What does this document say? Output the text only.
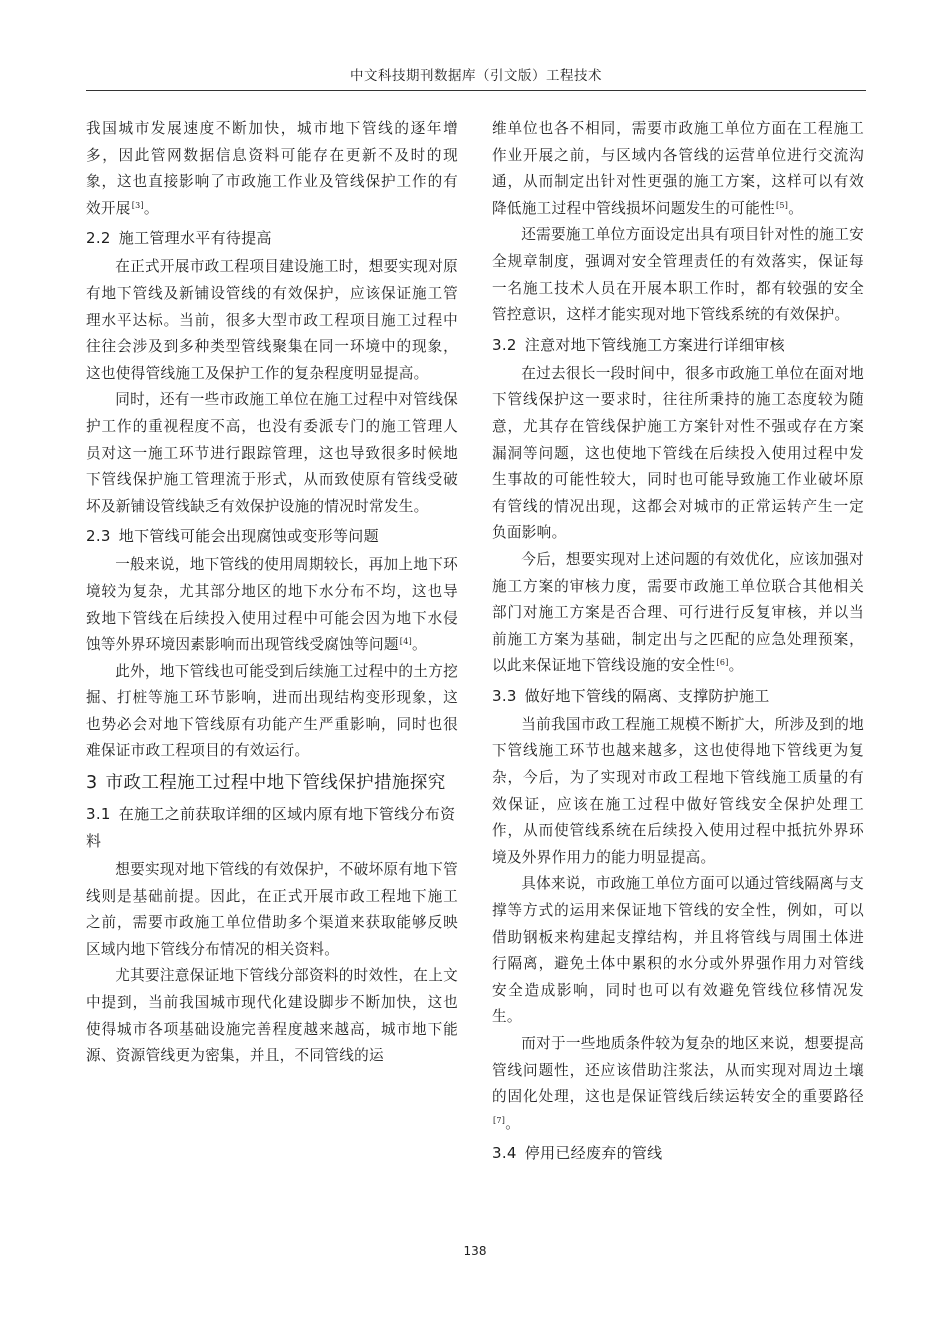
中文科技期刊数据库（引文版）工程技术

我国城市发展速度不断加快，城市地下管线的逐年增多，因此管网数据信息资料可能存在更新不及时的现象，这也直接影响了市政施工作业及管线保护工作的有效开展[3]。

2.2 施工管理水平有待提高

在正式开展市政工程项目建设施工时，想要实现对原有地下管线及新铺设管线的有效保护，应该保证施工管理水平达标。当前，很多大型市政工程项目施工过程中往往会涉及到多种类型管线聚集在同一环境中的现象，这也使得管线施工及保护工作的复杂程度明显提高。

同时，还有一些市政施工单位在施工过程中对管线保护工作的重视程度不高，也没有委派专门的施工管理人员对这一施工环节进行跟踪管理，这也导致很多时候地下管线保护施工管理流于形式，从而致使原有管线受破坏及新铺设管线缺乏有效保护设施的情况时常发生。

2.3 地下管线可能会出现腐蚀或变形等问题

一般来说，地下管线的使用周期较长，再加上地下环境较为复杂，尤其部分地区的地下水分布不均，这也导致地下管线在后续投入使用过程中可能会因为地下水侵蚀等外界环境因素影响而出现管线受腐蚀等问题[4]。

此外，地下管线也可能受到后续施工过程中的土方挖掘、打桩等施工环节影响，进而出现结构变形现象，这也势必会对地下管线原有功能产生严重影响，同时也很难保证市政工程项目的有效运行。

3 市政工程施工过程中地下管线保护措施探究
3.1 在施工之前获取详细的区域内原有地下管线分布资料

想要实现对地下管线的有效保护，不破坏原有地下管线则是基础前提。因此，在正式开展市政工程地下施工之前，需要市政施工单位借助多个渠道来获取能够反映区域内地下管线分布情况的相关资料。

尤其要注意保证地下管线分部资料的时效性，在上文中提到，当前我国城市现代化建设脚步不断加快，这也使得城市各项基础设施完善程度越来越高，城市地下能源、资源管线更为密集，并且，不同管线的运

维单位也各不相同，需要市政施工单位方面在工程施工作业开展之前，与区域内各管线的运营单位进行交流沟通，从而制定出针对性更强的施工方案，这样可以有效降低施工过程中管线损坏问题发生的可能性[5]。

还需要施工单位方面设定出具有项目针对性的施工安全规章制度，强调对安全管理责任的有效落实，保证每一名施工技术人员在开展本职工作时，都有较强的安全管控意识，这样才能实现对地下管线系统的有效保护。

3.2 注意对地下管线施工方案进行详细审核

在过去很长一段时间中，很多市政施工单位在面对地下管线保护这一要求时，往往所秉持的施工态度较为随意，尤其存在管线保护施工方案针对性不强或存在方案漏洞等问题，这也使地下管线在后续投入使用过程中发生事故的可能性较大，同时也可能导致施工作业破坏原有管线的情况出现，这都会对城市的正常运转产生一定负面影响。

今后，想要实现对上述问题的有效优化，应该加强对施工方案的审核力度，需要市政施工单位联合其他相关部门对施工方案是否合理、可行进行反复审核，并以当前施工方案为基础，制定出与之匹配的应急处理预案，以此来保证地下管线设施的安全性[6]。

3.3 做好地下管线的隔离、支撑防护施工

当前我国市政工程施工规模不断扩大，所涉及到的地下管线施工环节也越来越多，这也使得地下管线更为复杂，今后，为了实现对市政工程地下管线施工质量的有效保证，应该在施工过程中做好管线安全保护处理工作，从而使管线系统在后续投入使用过程中抵抗外界环境及外界作用力的能力明显提高。

具体来说，市政施工单位方面可以通过管线隔离与支撑等方式的运用来保证地下管线的安全性，例如，可以借助钢板来构建起支撑结构，并且将管线与周围土体进行隔离，避免土体中累积的水分或外界强作用力对管线安全造成影响，同时也可以有效避免管线位移情况发生。

而对于一些地质条件较为复杂的地区来说，想要提高管线问题性，还应该借助注浆法，从而实现对周边土壤的固化处理，这也是保证管线后续运转安全的重要路径[7]。

3.4 停用已经废弃的管线
138
